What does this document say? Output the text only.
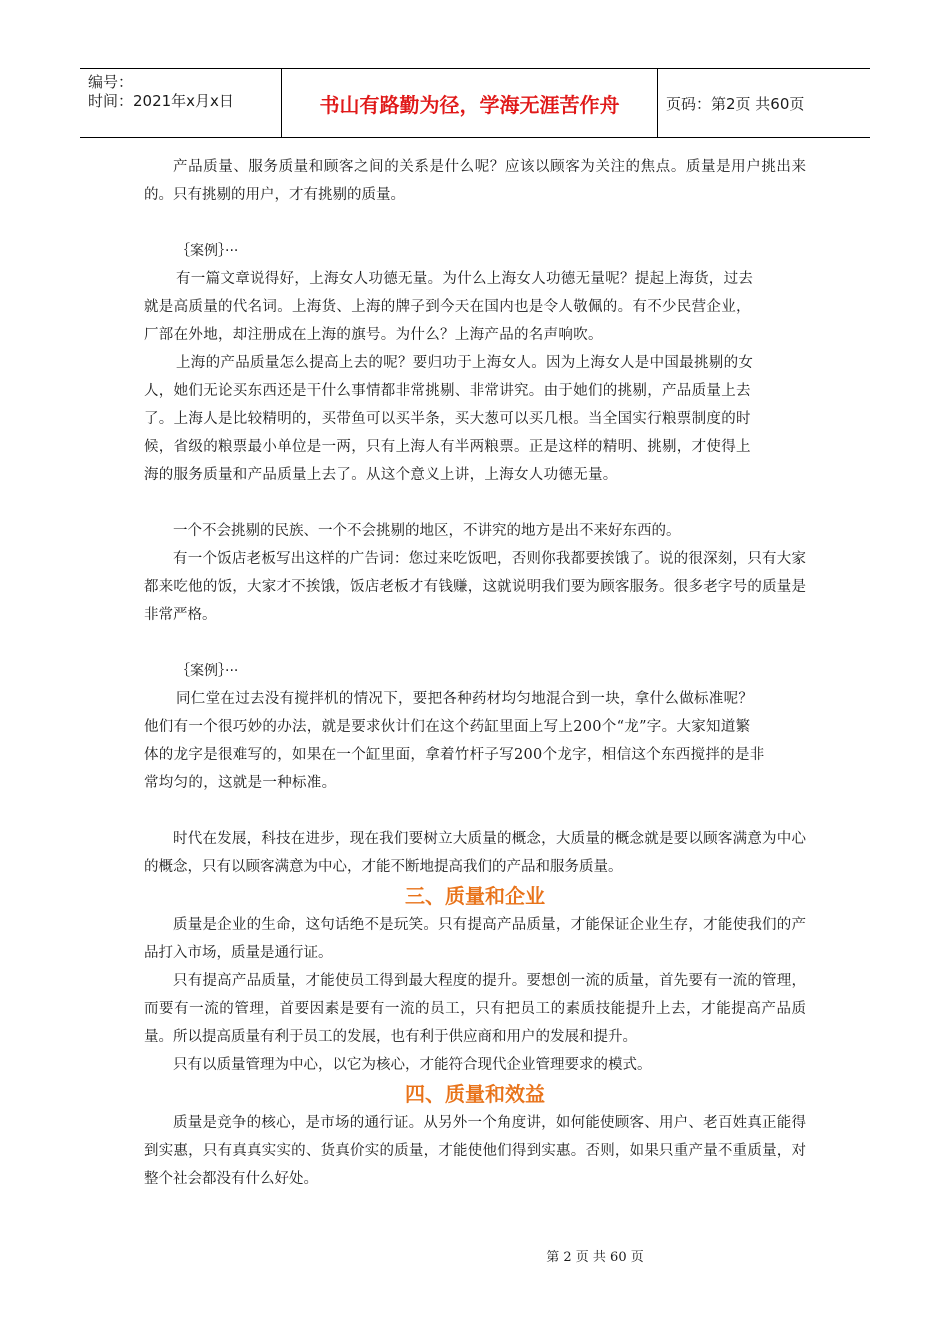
编号：
时间：2021年x月x日	书山有路勤为径，学海无涯苦作舟	页码：第2页 共60页

产品质量、服务质量和顾客之间的关系是什么呢？应该以顾客为关注的焦点。质量是用户挑出来的。只有挑剔的用户，才有挑剔的质量。

｛案例｝···

有一篇文章说得好，上海女人功德无量。为什么上海女人功德无量呢？提起上海货，过去

就是高质量的代名词。上海货、上海的牌子到今天在国内也是令人敬佩的。有不少民营企业，

厂部在外地，却注册成在上海的旗号。为什么？上海产品的名声响吹。

上海的产品质量怎么提高上去的呢？要归功于上海女人。因为上海女人是中国最挑剔的女

人，她们无论买东西还是干什么事情都非常挑剔、非常讲究。由于她们的挑剔，产品质量上去

了。上海人是比较精明的，买带鱼可以买半条，买大葱可以买几根。当全国实行粮票制度的时

候，省级的粮票最小单位是一两，只有上海人有半两粮票。正是这样的精明、挑剔，才使得上

海的服务质量和产品质量上去了。从这个意义上讲，上海女人功德无量。

一个不会挑剔的民族、一个不会挑剔的地区，不讲究的地方是出不来好东西的。

有一个饭店老板写出这样的广告词：您过来吃饭吧，否则你我都要挨饿了。说的很深刻，只有大家都来吃他的饭，大家才不挨饿，饭店老板才有钱赚，这就说明我们要为顾客服务。很多老字号的质量是非常严格。

｛案例｝···

同仁堂在过去没有搅拌机的情况下，要把各种药材均匀地混合到一块，拿什么做标准呢？

他们有一个很巧妙的办法，就是要求伙计们在这个药缸里面上写上200个“龙”字。大家知道繁

体的龙字是很难写的，如果在一个缸里面，拿着竹杆子写200个龙字，相信这个东西搅拌的是非

常均匀的，这就是一种标准。

时代在发展，科技在进步，现在我们要树立大质量的概念，大质量的概念就是要以顾客满意为中心的概念，只有以顾客满意为中心，才能不断地提高我们的产品和服务质量。

三、质量和企业

质量是企业的生命，这句话绝不是玩笑。只有提高产品质量，才能保证企业生存，才能使我们的产品打入市场，质量是通行证。

只有提高产品质量，才能使员工得到最大程度的提升。要想创一流的质量，首先要有一流的管理，而要有一流的管理，首要因素是要有一流的员工，只有把员工的素质技能提升上去，才能提高产品质量。所以提高质量有利于员工的发展，也有利于供应商和用户的发展和提升。

只有以质量管理为中心，以它为核心，才能符合现代企业管理要求的模式。

四、质量和效益

质量是竞争的核心，是市场的通行证。从另外一个角度讲，如何能使顾客、用户、老百姓真正能得到实惠，只有真真实实的、货真价实的质量，才能使他们得到实惠。否则，如果只重产量不重质量，对整个社会都没有什么好处。

第 2 页 共 60 页
